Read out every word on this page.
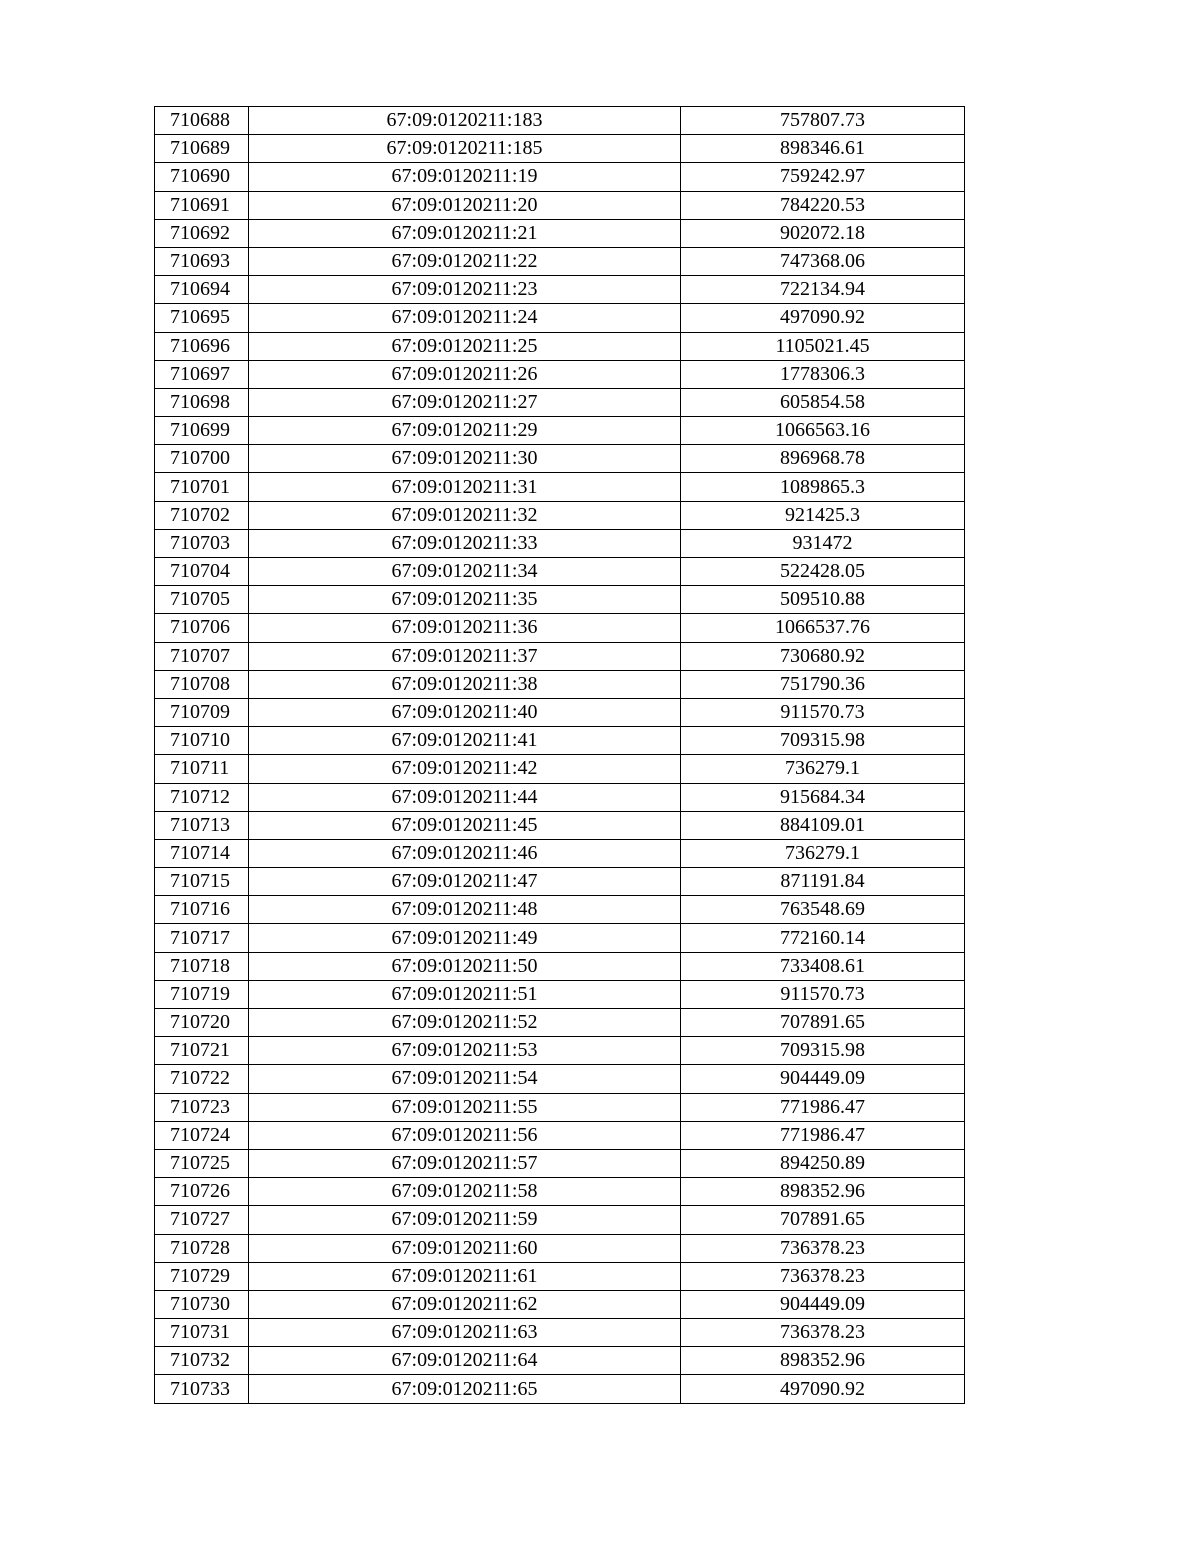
710688	67:09:0120211:183	757807.73
710689	67:09:0120211:185	898346.61
710690	67:09:0120211:19	759242.97
710691	67:09:0120211:20	784220.53
710692	67:09:0120211:21	902072.18
710693	67:09:0120211:22	747368.06
710694	67:09:0120211:23	722134.94
710695	67:09:0120211:24	497090.92
710696	67:09:0120211:25	1105021.45
710697	67:09:0120211:26	1778306.3
710698	67:09:0120211:27	605854.58
710699	67:09:0120211:29	1066563.16
710700	67:09:0120211:30	896968.78
710701	67:09:0120211:31	1089865.3
710702	67:09:0120211:32	921425.3
710703	67:09:0120211:33	931472
710704	67:09:0120211:34	522428.05
710705	67:09:0120211:35	509510.88
710706	67:09:0120211:36	1066537.76
710707	67:09:0120211:37	730680.92
710708	67:09:0120211:38	751790.36
710709	67:09:0120211:40	911570.73
710710	67:09:0120211:41	709315.98
710711	67:09:0120211:42	736279.1
710712	67:09:0120211:44	915684.34
710713	67:09:0120211:45	884109.01
710714	67:09:0120211:46	736279.1
710715	67:09:0120211:47	871191.84
710716	67:09:0120211:48	763548.69
710717	67:09:0120211:49	772160.14
710718	67:09:0120211:50	733408.61
710719	67:09:0120211:51	911570.73
710720	67:09:0120211:52	707891.65
710721	67:09:0120211:53	709315.98
710722	67:09:0120211:54	904449.09
710723	67:09:0120211:55	771986.47
710724	67:09:0120211:56	771986.47
710725	67:09:0120211:57	894250.89
710726	67:09:0120211:58	898352.96
710727	67:09:0120211:59	707891.65
710728	67:09:0120211:60	736378.23
710729	67:09:0120211:61	736378.23
710730	67:09:0120211:62	904449.09
710731	67:09:0120211:63	736378.23
710732	67:09:0120211:64	898352.96
710733	67:09:0120211:65	497090.92
